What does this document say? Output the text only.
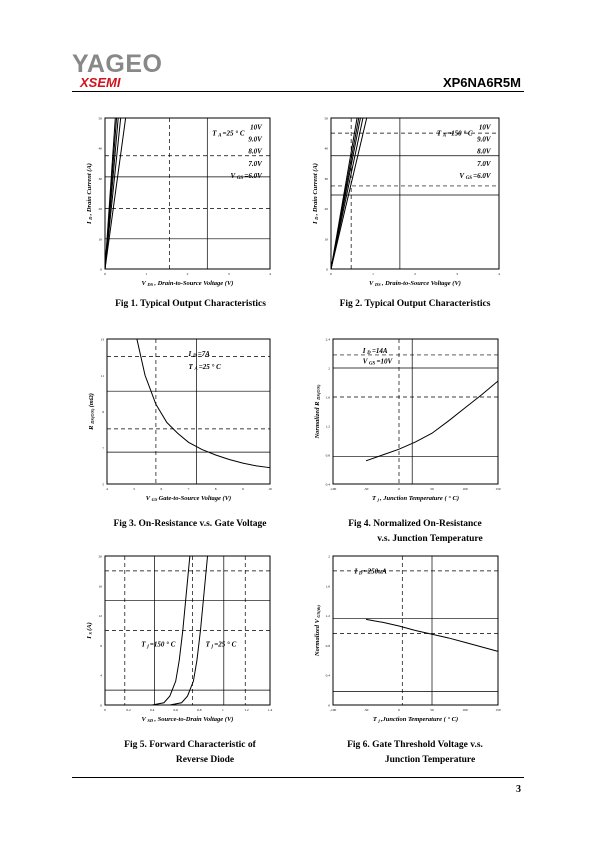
YAGEO
XSEMI	XP6NA6R5M
0	1	2	3	4
0
10
20
30
40
50
V DS , Drain-to-Source Voltage (V)
I D , Drain Current (A)
T A =25 ° C
10V
9.0V
8.0V
7.0V
V GS =6.0V
0	1	2	3	4
0
10
20
30
40
50
V DS , Drain-to-Source Voltage (V)
I D , Drain Current (A)
T A =150 ° C
10V
9.0V
8.0V
7.0V
V GS =6.0V
4	5	6	7	8	9	10
5
7
9
11
13
V GS Gate-to-Source Voltage (V)
R DS(ON) (mΩ)
I D =7A
T A =25 ° C
-100	-50	0	50	100	150
0.4
0.8
1.2
1.6
2
2.4
T j , Junction Temperature ( ° C)
Normalized R DS(ON)
I D =14A
V GS =10V
0	0.2	0.4	0.6	0.8	1	1.2	1.4
0
4
8
12
16
20
V SD , Source-to-Drain Voltage (V)
I S (A)
T j =150 ° C	T j =25 ° C
-100	-50	0	50	100	150
0
0.4
0.8
1.2
1.6
2
T j ,Junction Temperature ( ° C)
Normalized V GS(th)
I D =250uA
3
Fig 1. Typical Output Characteristics	Fig 2. Typical Output Characteristics
Fig 3. On-Resistance v.s. Gate Voltage	Fig 4. Normalized On-Resistance
v.s. Junction Temperature
Fig 5. Forward Characteristic of
Reverse Diode
Fig 6. Gate Threshold Voltage v.s.
Junction Temperature
